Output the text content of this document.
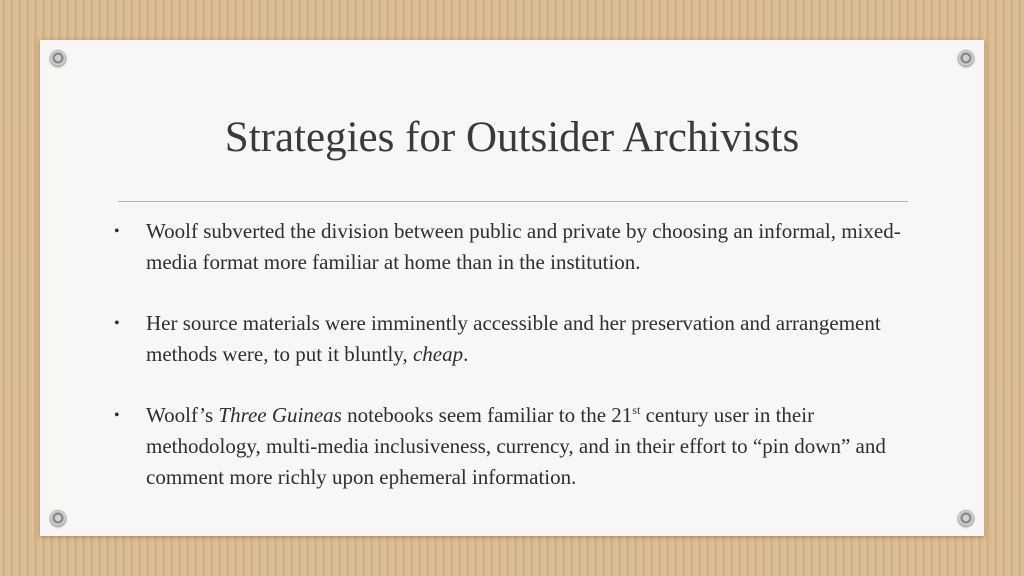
Strategies for Outsider Archivists
• Woolf subverted the division between public and private by choosing an informal, mixed-media format more familiar at home than in the institution.
• Her source materials were imminently accessible and her preservation and arrangement methods were, to put it bluntly, cheap.
• Woolf’s Three Guineas notebooks seem familiar to the 21st century user in their methodology, multi-media inclusiveness, currency, and in their effort to “pin down” and comment more richly upon ephemeral information.
